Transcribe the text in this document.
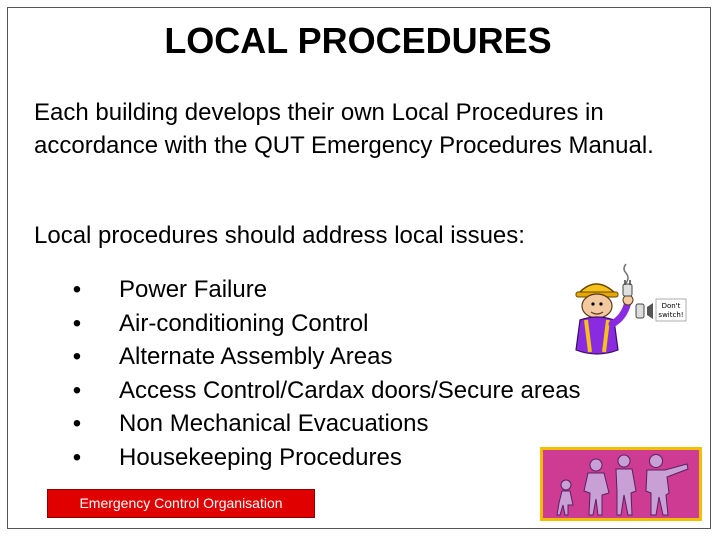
LOCAL PROCEDURES
Each building develops their own Local Procedures in accordance with the QUT Emergency Procedures Manual.
Local procedures should address local issues:
• Power Failure
• Air-conditioning Control
• Alternate Assembly Areas
• Access Control/Cardax doors/Secure areas
• Non Mechanical Evacuations
• Housekeeping Procedures
Don't
switch!
Emergency Control Organisation
